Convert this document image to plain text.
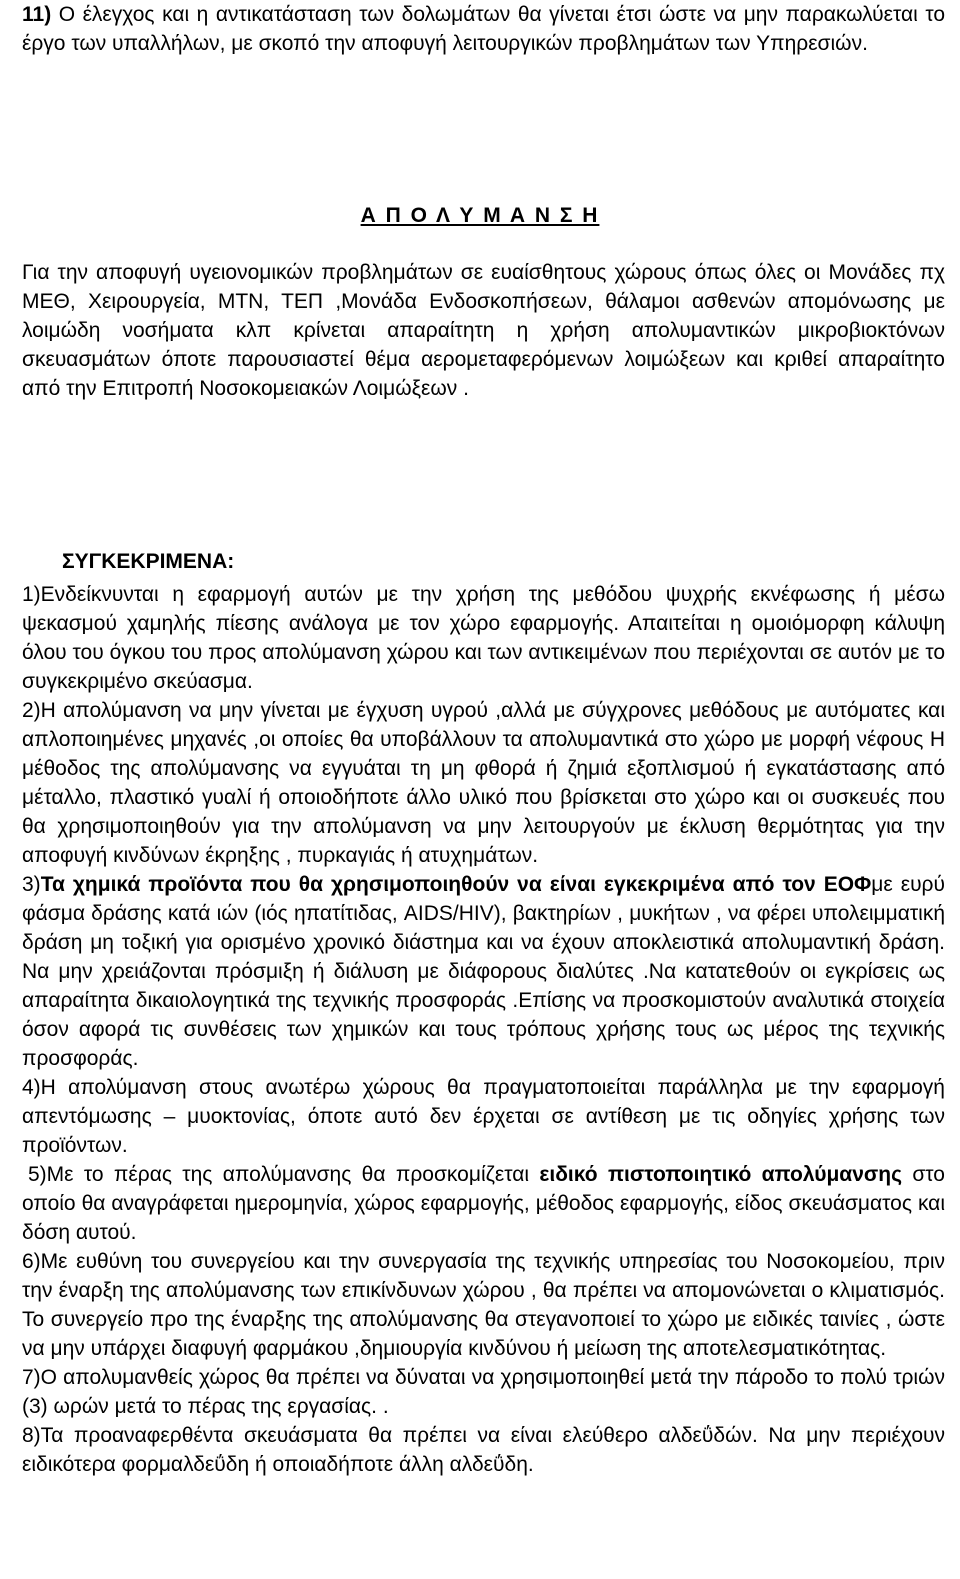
11) Ο έλεγχος και η αντικατάσταση των δολωμάτων θα γίνεται έτσι ώστε να μην παρακωλύεται το έργο των υπαλλήλων, με σκοπό την αποφυγή λειτουργικών προβλημάτων των Υπηρεσιών.

Α Π Ο Λ Υ Μ Α Ν Σ Η

Για την αποφυγή υγειονομικών προβλημάτων σε ευαίσθητους χώρους όπως όλες οι Μονάδες πχ ΜΕΘ, Χειρουργεία, ΜΤΝ, ΤΕΠ ,Μονάδα Ενδοσκοπήσεων, θάλαμοι ασθενών απομόνωσης με λοιμώδη νοσήματα κλπ κρίνεται απαραίτητη η χρήση απολυμαντικών μικροβιοκτόνων σκευασμάτων όποτε παρουσιαστεί θέμα αερομεταφερόμενων λοιμώξεων και κριθεί απαραίτητο από την Επιτροπή Νοσοκομειακών Λοιμώξεων .

ΣΥΓΚΕΚΡΙΜΕΝΑ:

1)Ενδείκνυνται η εφαρμογή αυτών με την χρήση της μεθόδου ψυχρής εκνέφωσης ή μέσω ψεκασμού χαμηλής πίεσης ανάλογα με τον χώρο εφαρμογής. Απαιτείται η ομοιόμορφη κάλυψη όλου του όγκου του προς απολύμανση χώρου και των αντικειμένων που περιέχονται σε αυτόν με το συγκεκριμένο σκεύασμα.

2)Η απολύμανση να μην γίνεται με έγχυση υγρού ,αλλά με σύγχρονες μεθόδους με αυτόματες και απλοποιημένες μηχανές ,οι οποίες θα υποβάλλουν τα απολυμαντικά στο χώρο με μορφή νέφους Η μέθοδος της απολύμανσης να εγγυάται τη μη φθορά ή ζημιά εξοπλισμού ή εγκατάστασης από μέταλλο, πλαστικό γυαλί ή οποιοδήποτε άλλο υλικό που βρίσκεται στο χώρο και οι συσκευές που θα χρησιμοποιηθούν για την απολύμανση να μην λειτουργούν με έκλυση θερμότητας για την αποφυγή κινδύνων έκρηξης , πυρκαγιάς ή ατυχημάτων.

3)Τα χημικά προϊόντα που θα χρησιμοποιηθούν να είναι εγκεκριμένα από τον ΕΟΦμε ευρύ φάσμα δράσης κατά ιών (ιός ηπατίτιδας, AIDS/HIV), βακτηρίων , μυκήτων , να φέρει υπολειμματική δράση μη τοξική για ορισμένο χρονικό διάστημα και να έχουν αποκλειστικά απολυμαντική δράση. Να μην χρειάζονται πρόσμιξη ή διάλυση με διάφορους διαλύτες .Να κατατεθούν οι εγκρίσεις ως απαραίτητα δικαιολογητικά της τεχνικής προσφοράς .Επίσης να προσκομιστούν αναλυτικά στοιχεία όσον αφορά τις συνθέσεις των χημικών και τους τρόπους χρήσης τους ως μέρος της τεχνικής προσφοράς.

4)Η απολύμανση στους ανωτέρω χώρους θα πραγματοποιείται παράλληλα με την εφαρμογή απεντόμωσης – μυοκτονίας, όποτε αυτό δεν έρχεται σε αντίθεση με τις οδηγίες χρήσης των προϊόντων.

5)Με το πέρας της απολύμανσης θα προσκομίζεται ειδικό πιστοποιητικό απολύμανσης στο οποίο θα αναγράφεται ημερομηνία, χώρος εφαρμογής, μέθοδος εφαρμογής, είδος σκευάσματος και δόση αυτού.

6)Με ευθύνη του συνεργείου και την συνεργασία της τεχνικής υπηρεσίας του Νοσοκομείου, πριν την έναρξη της απολύμανσης των επικίνδυνων χώρου , θα πρέπει να απομονώνεται ο κλιματισμός. Το συνεργείο προ της έναρξης της απολύμανσης θα στεγανοποιεί το χώρο με ειδικές ταινίες , ώστε να μην υπάρχει διαφυγή φαρμάκου ,δημιουργία κινδύνου ή μείωση της αποτελεσματικότητας.

7)Ο απολυμανθείς χώρος θα πρέπει να δύναται να χρησιμοποιηθεί μετά την πάροδο το πολύ τριών (3) ωρών μετά το πέρας της εργασίας. .

8)Τα προαναφερθέντα σκευάσματα θα πρέπει να είναι ελεύθερο αλδεΰδών. Να μην περιέχουν ειδικότερα φορμαλδεΰδη ή οποιαδήποτε άλλη αλδεΰδη.
